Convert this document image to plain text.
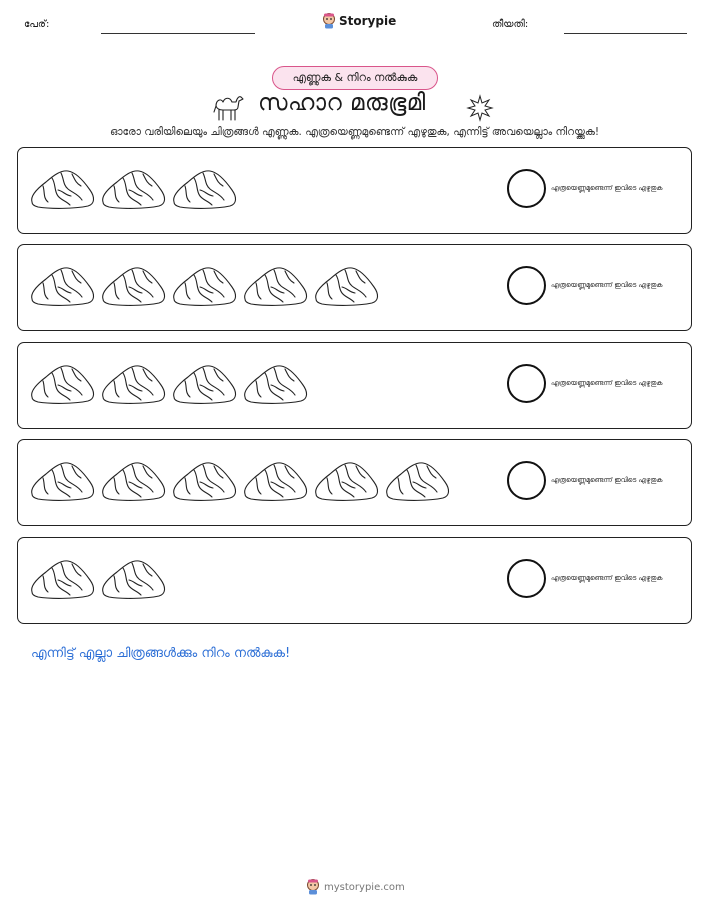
പേര്:	Storypie	തീയതി:
എണ്ണുക & നിറം നൽകുക
സഹാറ മരുഭൂമി
ഓരോ വരിയിലെയും ചിത്രങ്ങൾ എണ്ണുക. എത്രയെണ്ണമുണ്ടെന്ന് എഴുതുക, എന്നിട്ട് അവയെല്ലാം നിറയ്ക്കുക!
എത്രയെണ്ണമുണ്ടെന്ന് ഇവിടെ എഴുതുക
എത്രയെണ്ണമുണ്ടെന്ന് ഇവിടെ എഴുതുക
എത്രയെണ്ണമുണ്ടെന്ന് ഇവിടെ എഴുതുക
എത്രയെണ്ണമുണ്ടെന്ന് ഇവിടെ എഴുതുക
എത്രയെണ്ണമുണ്ടെന്ന് ഇവിടെ എഴുതുക
എന്നിട്ട് എല്ലാ ചിത്രങ്ങൾക്കും നിറം നൽകുക!
mystorypie.com
